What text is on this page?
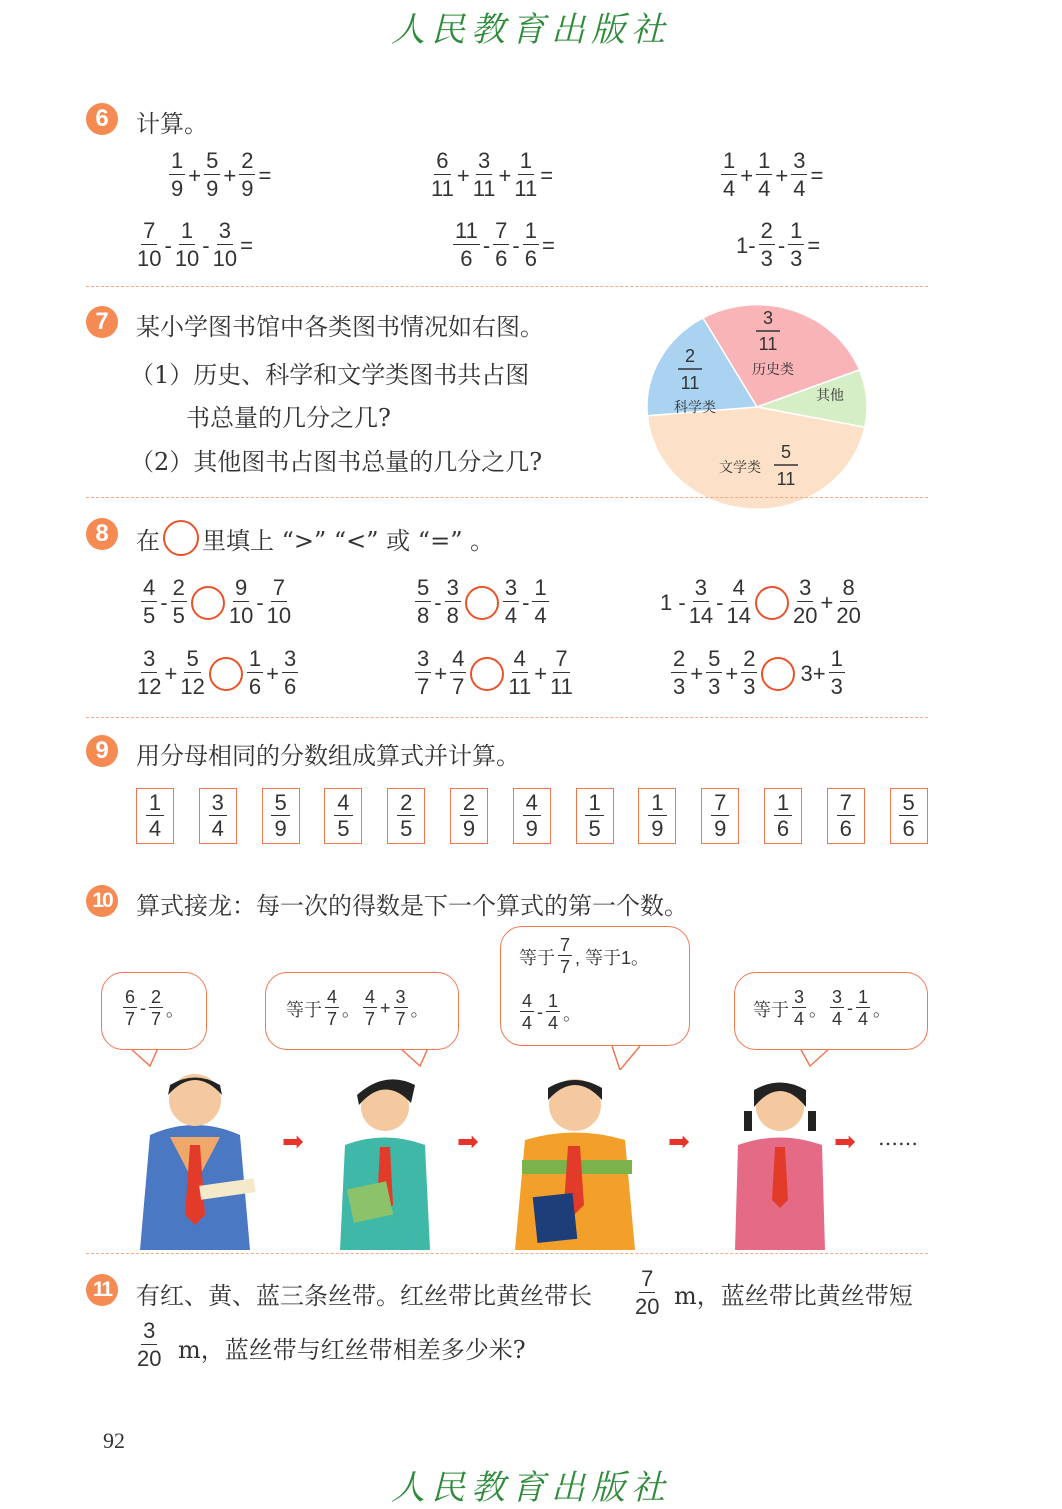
人民教育出版社
6	计算。
$\frac{1}{9} + \frac{5}{9} + \frac{2}{9}$ =	$\frac{6}{11} + \frac{3}{11} + \frac{1}{11}$ =	$\frac{1}{4} + \frac{1}{4} + \frac{3}{4}$ =
$\frac{7}{10} - \frac{1}{10} - \frac{3}{10}$ =	$\frac{11}{6} - \frac{7}{6} - \frac{1}{6}$ =	$1- \frac{2}{3} - \frac{1}{3}$ =
7	某小学图书馆中各类图书情况如右图。
（1）历史、科学和文学类图书共占图
书总量的几分之几?
（2）其他图书占图书总量的几分之几?
3
11
历史类
2
11
科学类
其他
文学类
5
11
8	在 里填上 “>” “<” 或 “=” 。
$\frac{4}{5} - \frac{2}{5} \frac{9}{10} - \frac{7}{10}$	$\frac{5}{8} - \frac{3}{8} \frac{3}{4} - \frac{1}{4}$	$1 - \frac{3}{14} - \frac{4}{14} \frac{3}{20} + \frac{8}{20}$
$\frac{3}{12} + \frac{5}{12} \frac{1}{6} + \frac{3}{6}$	$\frac{3}{7} + \frac{4}{7} \frac{4}{11} + \frac{7}{11}$	$\frac{2}{3} + \frac{5}{3} + \frac{2}{3} 3+ \frac{1}{3}$
9	用分母相同的分数组成算式并计算。
$\frac{1}{4} \frac{3}{4} \frac{5}{9} \frac{4}{5} \frac{2}{5} \frac{2}{9} \frac{4}{9} \frac{1}{5} \frac{1}{9} \frac{7}{9} \frac{1}{6} \frac{7}{6} \frac{5}{6}$
10 算式接龙：每一次的得数是下一个算式的第一个数。
$\frac{6}{7} - \frac{2}{7}$ 。	等于 $\frac{4}{7}$ 。 $\frac{4}{7} + \frac{3}{7}$ 。
等于 $\frac{7}{7}$ , 等于1。
$\frac{4}{4} - \frac{1}{4}$ 。	等于 $\frac{3}{4}$ 。 $\frac{3}{4} - \frac{1}{4}$ 。
➡	➡	➡	➡ ……
11 有红、黄、蓝三条丝带。红丝带比黄丝带长 $\frac{7}{20}$ m，蓝丝带比黄丝带短
$\frac{3}{20}$ m，蓝丝带与红丝带相差多少米?
92
人民教育出版社
